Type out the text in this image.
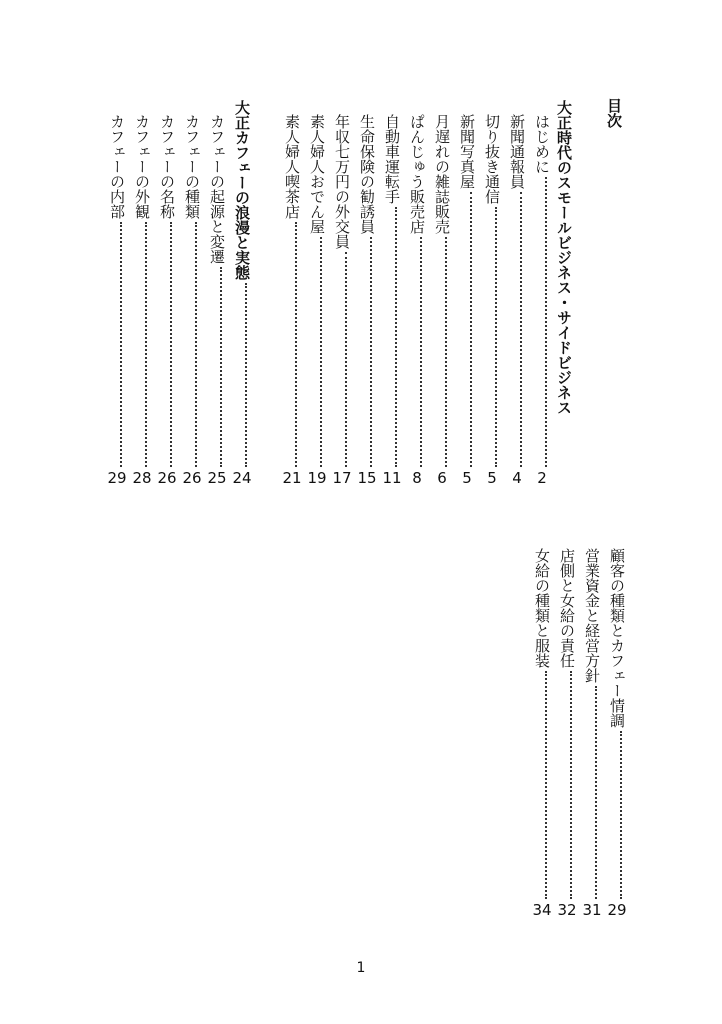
目次
大正時代のスモールビジネス・サイドビジネス
はじめに
2
新聞通報員
4
切り抜き通信
5
新聞写真屋
5
月遅れの雑誌販売
6
ぱんじゅう販売店
8
自動車運転手
11
生命保険の勧誘員
15
年収七万円の外交員
17
素人婦人おでん屋
19
素人婦人喫茶店
21
大正カフェーの浪漫と実態
24
カフェーの起源と変遷
25
カフェーの種類
26
カフェーの名称
26
カフェーの外観
28
カフェーの内部
29
顧客の種類とカフェー情調
29
営業資金と経営方針
31
店側と女給の責任
32
女給の種類と服装
34
1
